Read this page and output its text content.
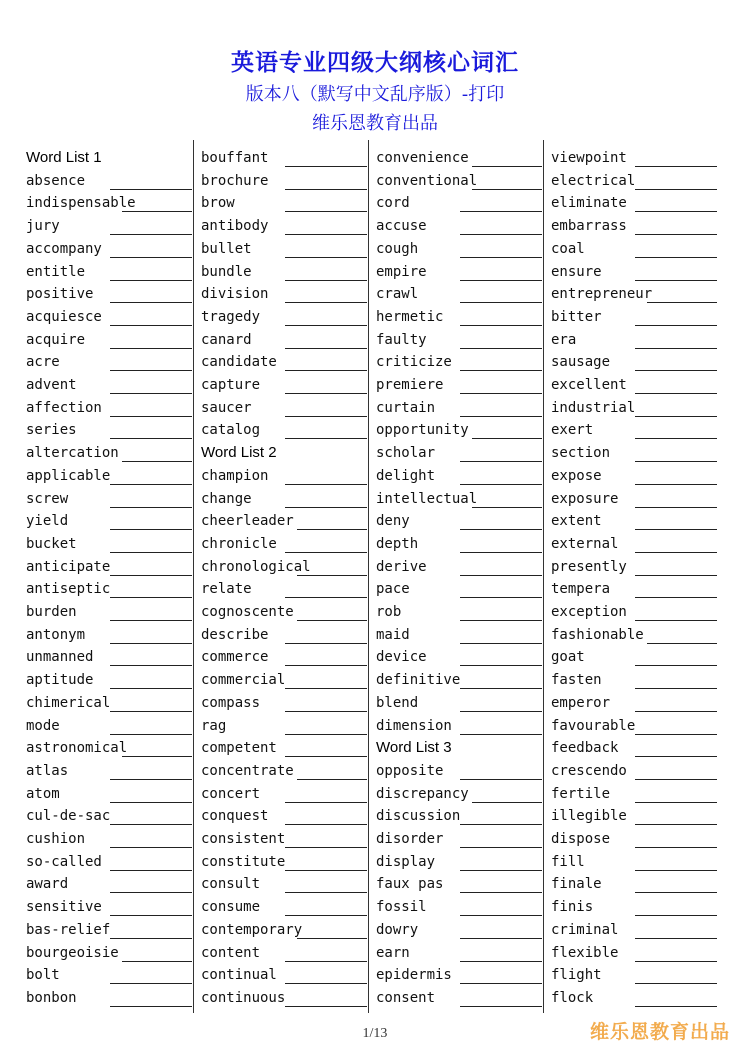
英语专业四级大纲核心词汇
版本八（默写中文乱序版）-打印
维乐恩教育出品
Word List 1
absence
indispensable
jury
accompany
entitle
positive
acquiesce
acquire
acre
advent
affection
series
altercation
applicable
screw
yield
bucket
anticipate
antiseptic
burden
antonym
unmanned
aptitude
chimerical
mode
astronomical
atlas
atom
cul-de-sac
cushion
so-called
award
sensitive
bas-relief
bourgeoisie
bolt
bonbon
bouffant
brochure
brow
antibody
bullet
bundle
division
tragedy
canard
candidate
capture
saucer
catalog
Word List 2
champion
change
cheerleader
chronicle
chronological
relate
cognoscente
describe
commerce
commercial
compass
rag
competent
concentrate
concert
conquest
consistent
constitute
consult
consume
contemporary
content
continual
continuous
convenience
conventional
cord
accuse
cough
empire
crawl
hermetic
faulty
criticize
premiere
curtain
opportunity
scholar
delight
intellectual
deny
depth
derive
pace
rob
maid
device
definitive
blend
dimension
Word List 3
opposite
discrepancy
discussion
disorder
display
faux pas
fossil
dowry
earn
epidermis
consent
viewpoint
electrical
eliminate
embarrass
coal
ensure
entrepreneur
bitter
era
sausage
excellent
industrial
exert
section
expose
exposure
extent
external
presently
tempera
exception
fashionable
goat
fasten
emperor
favourable
feedback
crescendo
fertile
illegible
dispose
fill
finale
finis
criminal
flexible
flight
flock
1/13	维乐恩教育出品
